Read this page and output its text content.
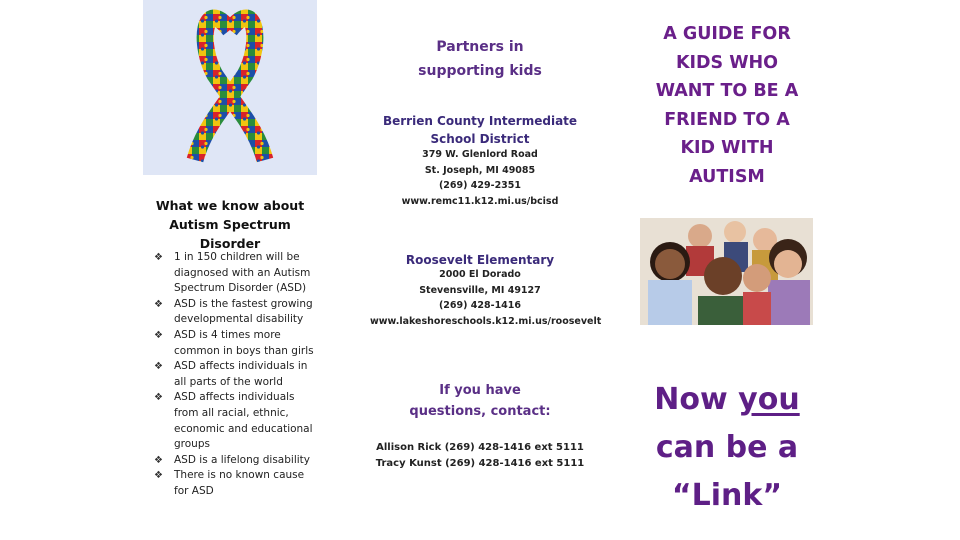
What we know about
Autism Spectrum Disorder
❖ 1 in 150 children will be
diagnosed with an Autism
Spectrum Disorder (ASD)
❖ ASD is the fastest growing
developmental disability
❖ ASD is 4 times more
common in boys than girls
❖ ASD affects individuals in
all parts of the world
❖ ASD affects individuals
from all racial, ethnic,
economic and educational
groups
❖ ASD is a lifelong disability
❖ There is no known cause
for ASD
Partners in
supporting kids
Berrien County Intermediate
School District
379 W. Glenlord Road
St. Joseph, MI 49085
(269) 429-2351
www.remc11.k12.mi.us/bcisd
Roosevelt Elementary
2000 El Dorado
Stevensville, MI 49127
(269) 428-1416
www.lakeshoreschools.k12.mi.us/roosevelt
If you have
questions, contact:
Allison Rick (269) 428-1416 ext 5111
Tracy Kunst (269) 428-1416 ext 5111
A GUIDE FOR
KIDS WHO
WANT TO BE A
FRIEND TO A
KID WITH
AUTISM
Now you
can be a
“Link”
